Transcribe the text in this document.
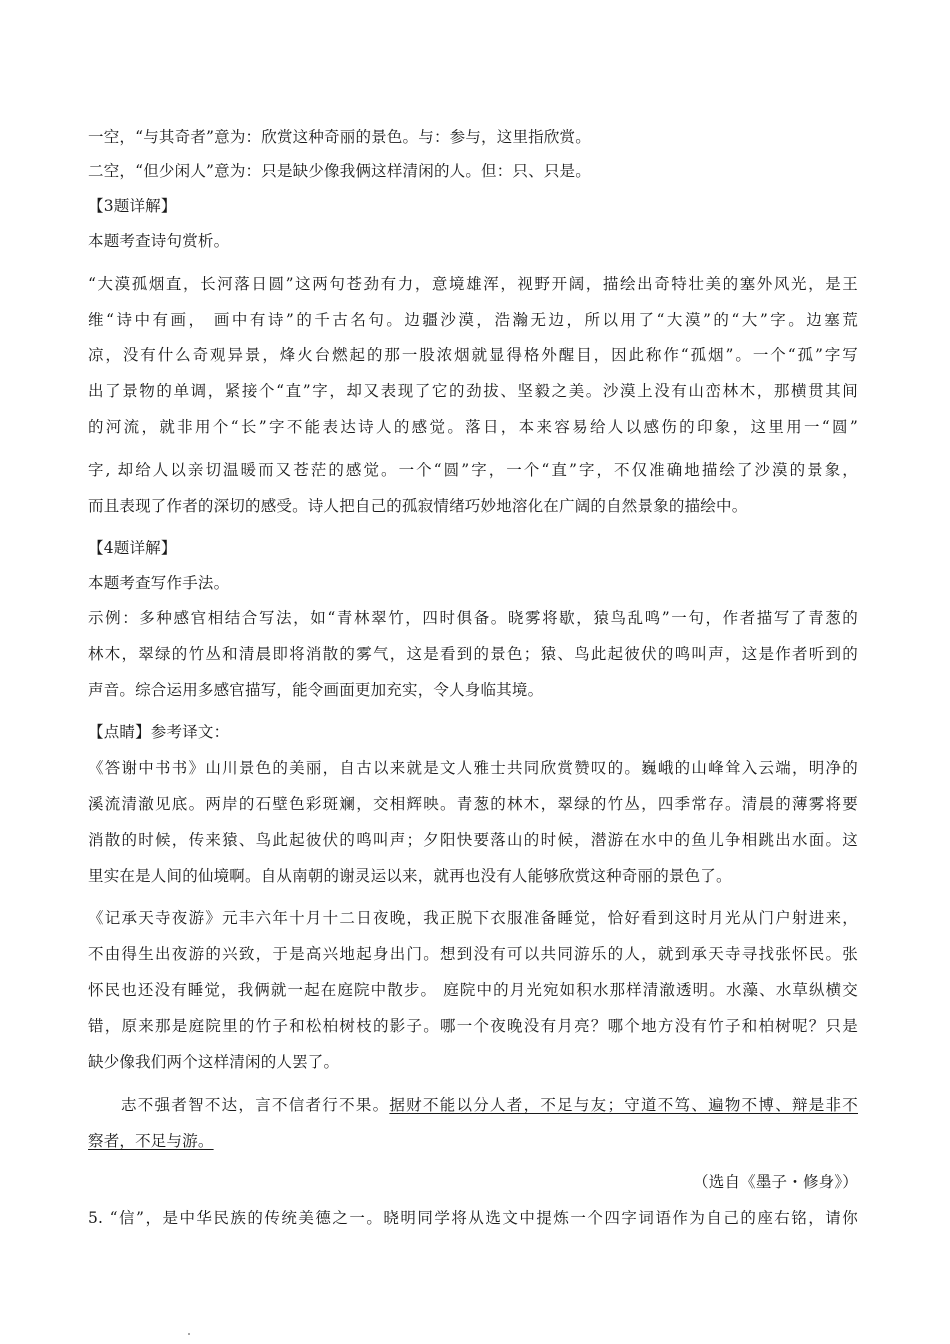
一空，“与其奇者”意为：欣赏这种奇丽的景色。与：参与，这里指欣赏。
二空，“但少闲人”意为：只是缺少像我俩这样清闲的人。但：只、只是。
【3题详解】
本题考查诗句赏析。
“大漠孤烟直，长河落日圆”这两句苍劲有力，意境雄浑，视野开阔，描绘出奇特壮美的塞外风光，是王
维“诗中有画， 画中有诗”的千古名句。边疆沙漠，浩瀚无边，所以用了“大漠”的“大”字。边塞荒
凉，没有什么奇观异景，烽火台燃起的那一股浓烟就显得格外醒目，因此称作“孤烟”。一个“孤”字写
出了景物的单调，紧接个“直”字，却又表现了它的劲拔、坚毅之美。沙漠上没有山峦林木，那横贯其间
的河流，就非用个“长”字不能表达诗人的感觉。落日，本来容易给人以感伤的印象，这里用一“圆”
字, 却给人以亲切温暖而又苍茫的感觉。一个“圆”字，一个“直”字，不仅准确地描绘了沙漠的景象，
而且表现了作者的深切的感受。诗人把自己的孤寂情绪巧妙地溶化在广阔的自然景象的描绘中。
【4题详解】
本题考查写作手法。
示例：多种感官相结合写法，如“青林翠竹，四时俱备。晓雾将歇，猿鸟乱鸣”一句，作者描写了青葱的
林木，翠绿的竹丛和清晨即将消散的雾气，这是看到的景色；猿、鸟此起彼伏的鸣叫声，这是作者听到的
声音。综合运用多感官描写，能令画面更加充实，令人身临其境。
【点睛】参考译文：
《答谢中书书》山川景色的美丽，自古以来就是文人雅士共同欣赏赞叹的。巍峨的山峰耸入云端，明净的
溪流清澈见底。两岸的石壁色彩斑斓，交相辉映。青葱的林木，翠绿的竹丛，四季常存。清晨的薄雾将要
消散的时候，传来猿、鸟此起彼伏的鸣叫声；夕阳快要落山的时候，潜游在水中的鱼儿争相跳出水面。这
里实在是人间的仙境啊。自从南朝的谢灵运以来，就再也没有人能够欣赏这种奇丽的景色了。
《记承天寺夜游》元丰六年十月十二日夜晚，我正脱下衣服准备睡觉，恰好看到这时月光从门户射进来，
不由得生出夜游的兴致，于是高兴地起身出门。想到没有可以共同游乐的人，就到承天寺寻找张怀民。张
怀民也还没有睡觉，我俩就一起在庭院中散步。 庭院中的月光宛如积水那样清澈透明。水藻、水草纵横交
错，原来那是庭院里的竹子和松柏树枝的影子。哪一个夜晚没有月亮？哪个地方没有竹子和柏树呢？只是
缺少像我们两个这样清闲的人罢了。
志不强者智不达，言不信者行不果。据财不能以分人者，不足与友；守道不笃、遍物不博、辩是非不
察者，不足与游。
（选自《墨子・修身》）
5. “信”，是中华民族的传统美德之一。晓明同学将从选文中提炼一个四字词语作为自己的座右铭，请你
